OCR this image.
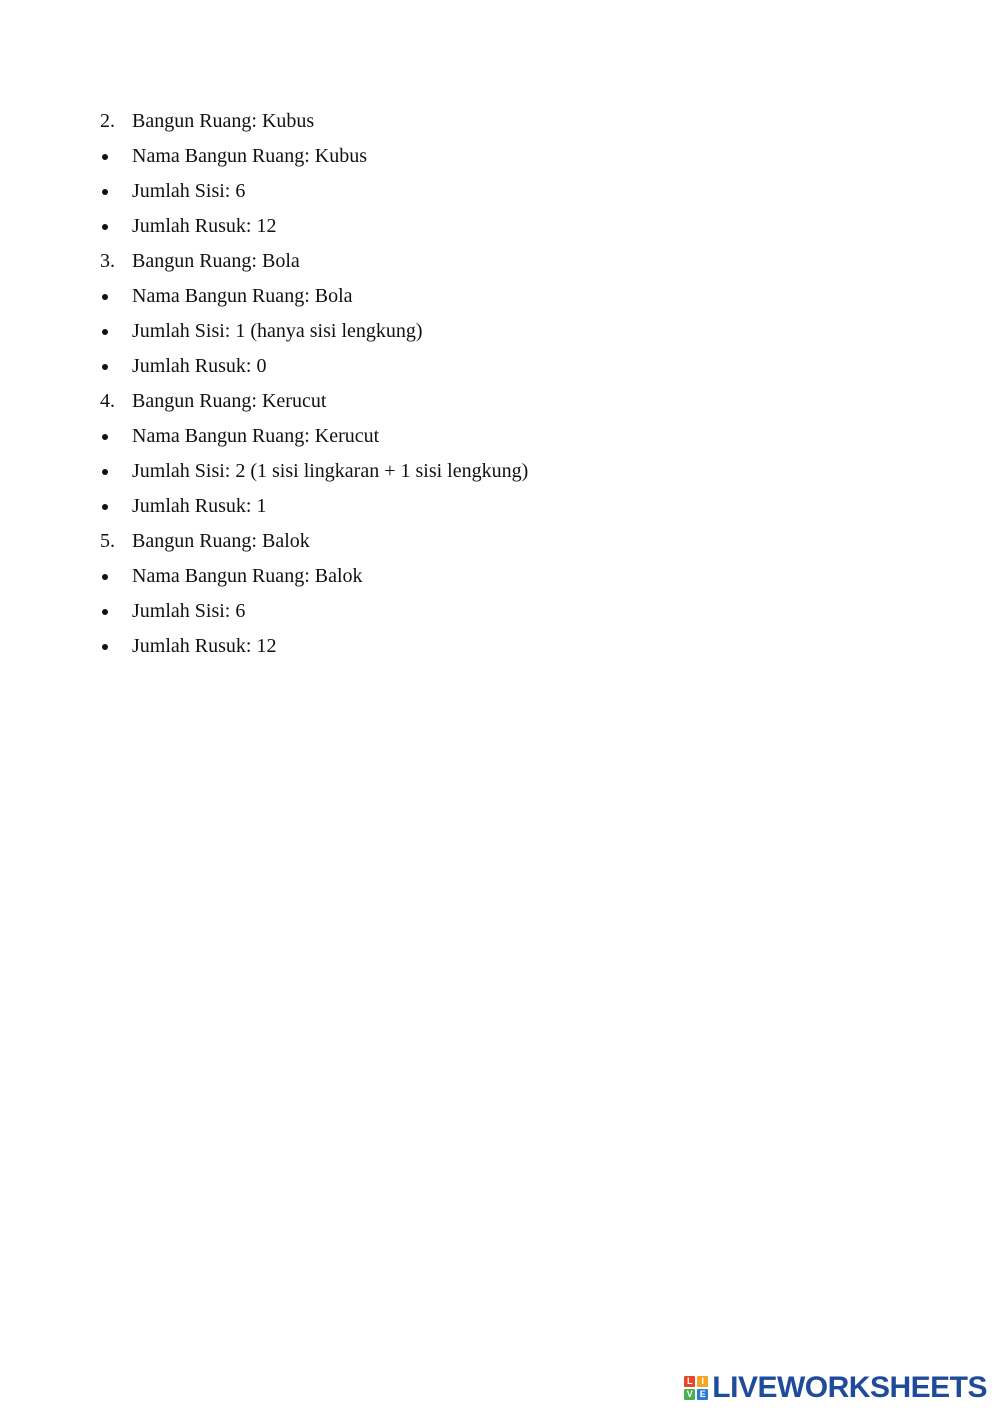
2. Bangun Ruang: Kubus
Nama Bangun Ruang: Kubus
Jumlah Sisi: 6
Jumlah Rusuk: 12
3. Bangun Ruang: Bola
Nama Bangun Ruang: Bola
Jumlah Sisi: 1 (hanya sisi lengkung)
Jumlah Rusuk: 0
4. Bangun Ruang: Kerucut
Nama Bangun Ruang: Kerucut
Jumlah Sisi: 2 (1 sisi lingkaran + 1 sisi lengkung)
Jumlah Rusuk: 1
5. Bangun Ruang: Balok
Nama Bangun Ruang: Balok
Jumlah Sisi: 6
Jumlah Rusuk: 12
L I
V E LIVEWORKSHEETS
